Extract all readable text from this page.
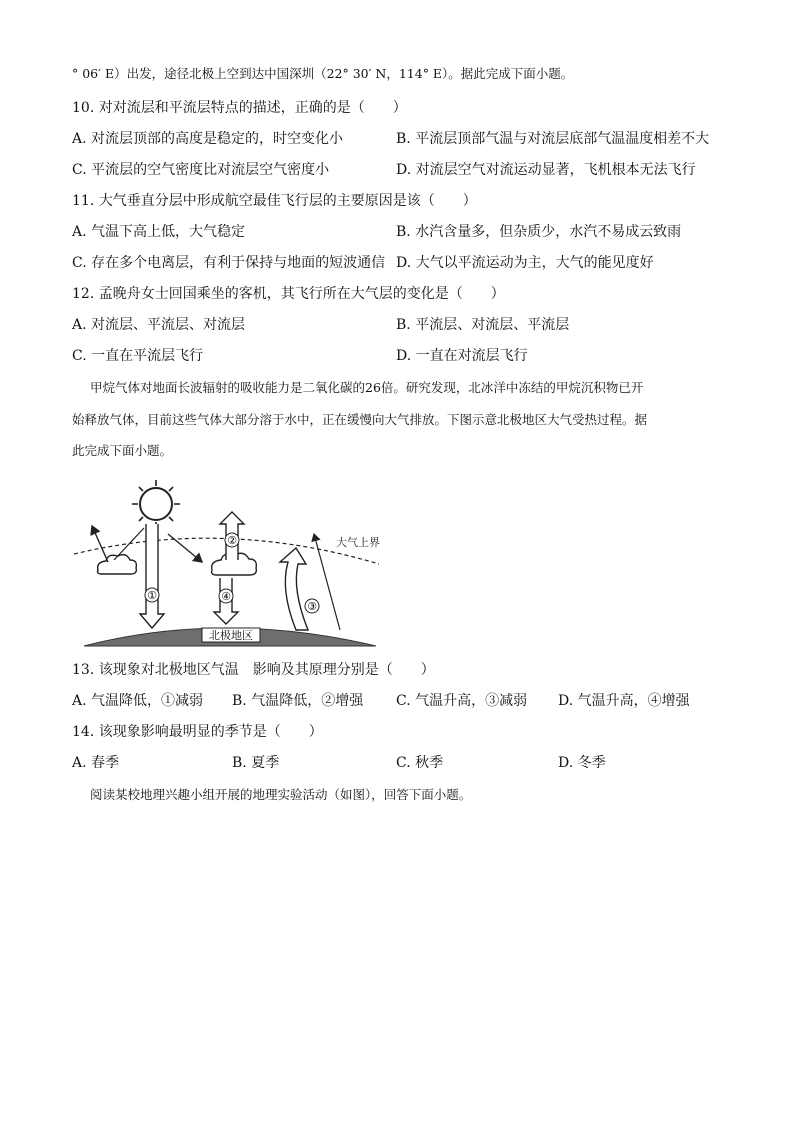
° 06′ E）出发，途径北极上空到达中国深圳（22° 30′ N，114° E）。据此完成下面小题。
10. 对对流层和平流层特点的描述，正确的是（　　）
A. 对流层顶部的高度是稳定的，时空变化小	B. 平流层顶部气温与对流层底部气温温度相差不大
C. 平流层的空气密度比对流层空气密度小	D. 对流层空气对流运动显著，飞机根本无法飞行
11. 大气垂直分层中形成航空最佳飞行层的主要原因是该（　　）
A. 气温下高上低，大气稳定	B. 水汽含量多，但杂质少，水汽不易成云致雨
C. 存在多个电离层，有利于保持与地面的短波通信 D. 大气以平流运动为主，大气的能见度好
12. 孟晚舟女士回国乘坐的客机，其飞行所在大气层的变化是（　　）
A. 对流层、平流层、对流层	B. 平流层、对流层、平流层
C. 一直在平流层飞行	D. 一直在对流层飞行
甲烷气体对地面长波辐射的吸收能力是二氧化碳的26倍。研究发现，北冰洋中冻结的甲烷沉积物已开
始释放气体，目前这些气体大部分溶于水中，正在缓慢向大气排放。下图示意北极地区大气受热过程。据
此完成下面小题。
大气上界
①
②
④
③
北极地区
13. 该现象对北极地区气温　影响及其原理分别是（　　）
A. 气温降低，①减弱 B. 气温降低，②增强 C. 气温升高，③减弱 D. 气温升高，④增强
14. 该现象影响最明显的季节是（　　）
A. 春季	B. 夏季	C. 秋季	D. 冬季
阅读某校地理兴趣小组开展的地理实验活动（如图），回答下面小题。
